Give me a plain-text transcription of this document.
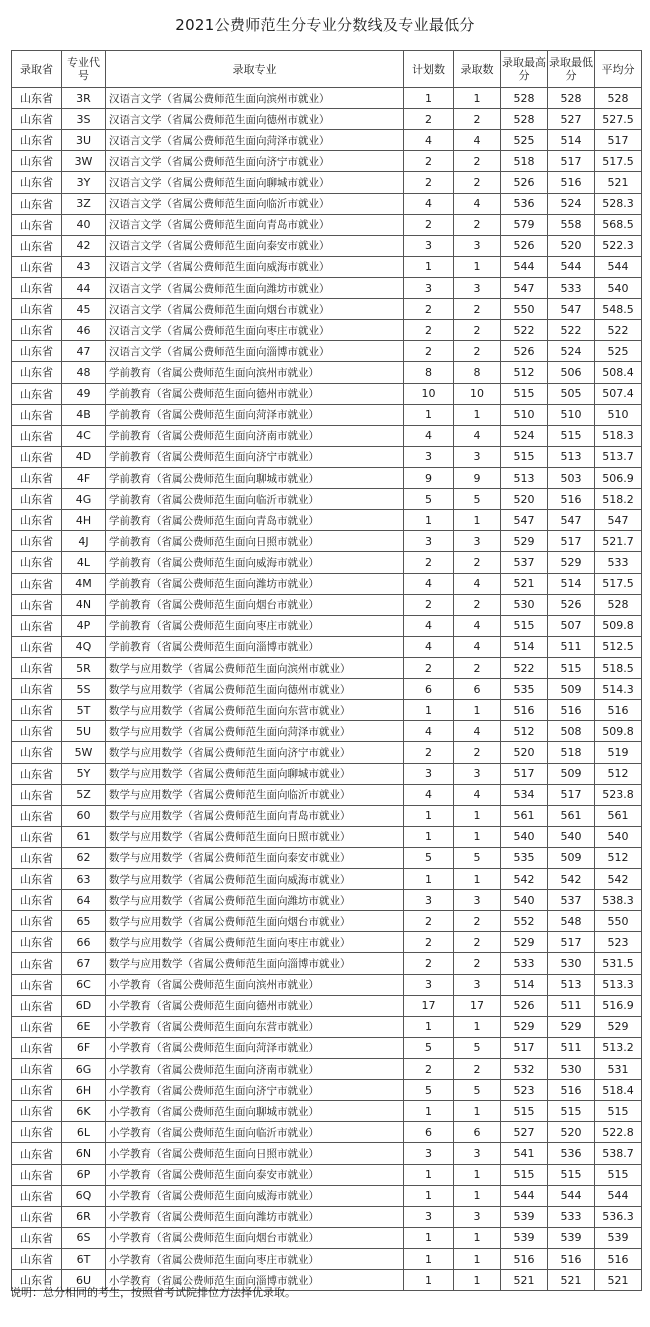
2021公费师范生分专业分数线及专业最低分
录取省	专业代号	录取专业	计划数	录取数	录取最高分	录取最低分	平均分
山东省	3R	汉语言文学（省属公费师范生面向滨州市就业）	1	1	528	528	528
山东省	3S	汉语言文学（省属公费师范生面向德州市就业）	2	2	528	527	527.5
山东省	3U	汉语言文学（省属公费师范生面向菏泽市就业）	4	4	525	514	517
山东省	3W	汉语言文学（省属公费师范生面向济宁市就业）	2	2	518	517	517.5
山东省	3Y	汉语言文学（省属公费师范生面向聊城市就业）	2	2	526	516	521
山东省	3Z	汉语言文学（省属公费师范生面向临沂市就业）	4	4	536	524	528.3
山东省	40	汉语言文学（省属公费师范生面向青岛市就业）	2	2	579	558	568.5
山东省	42	汉语言文学（省属公费师范生面向泰安市就业）	3	3	526	520	522.3
山东省	43	汉语言文学（省属公费师范生面向威海市就业）	1	1	544	544	544
山东省	44	汉语言文学（省属公费师范生面向潍坊市就业）	3	3	547	533	540
山东省	45	汉语言文学（省属公费师范生面向烟台市就业）	2	2	550	547	548.5
山东省	46	汉语言文学（省属公费师范生面向枣庄市就业）	2	2	522	522	522
山东省	47	汉语言文学（省属公费师范生面向淄博市就业）	2	2	526	524	525
山东省	48	学前教育（省属公费师范生面向滨州市就业）	8	8	512	506	508.4
山东省	49	学前教育（省属公费师范生面向德州市就业）	10	10	515	505	507.4
山东省	4B	学前教育（省属公费师范生面向菏泽市就业）	1	1	510	510	510
山东省	4C	学前教育（省属公费师范生面向济南市就业）	4	4	524	515	518.3
山东省	4D	学前教育（省属公费师范生面向济宁市就业）	3	3	515	513	513.7
山东省	4F	学前教育（省属公费师范生面向聊城市就业）	9	9	513	503	506.9
山东省	4G	学前教育（省属公费师范生面向临沂市就业）	5	5	520	516	518.2
山东省	4H	学前教育（省属公费师范生面向青岛市就业）	1	1	547	547	547
山东省	4J	学前教育（省属公费师范生面向日照市就业）	3	3	529	517	521.7
山东省	4L	学前教育（省属公费师范生面向威海市就业）	2	2	537	529	533
山东省	4M	学前教育（省属公费师范生面向潍坊市就业）	4	4	521	514	517.5
山东省	4N	学前教育（省属公费师范生面向烟台市就业）	2	2	530	526	528
山东省	4P	学前教育（省属公费师范生面向枣庄市就业）	4	4	515	507	509.8
山东省	4Q	学前教育（省属公费师范生面向淄博市就业）	4	4	514	511	512.5
山东省	5R	数学与应用数学（省属公费师范生面向滨州市就业）	2	2	522	515	518.5
山东省	5S	数学与应用数学（省属公费师范生面向德州市就业）	6	6	535	509	514.3
山东省	5T	数学与应用数学（省属公费师范生面向东营市就业）	1	1	516	516	516
山东省	5U	数学与应用数学（省属公费师范生面向菏泽市就业）	4	4	512	508	509.8
山东省	5W	数学与应用数学（省属公费师范生面向济宁市就业）	2	2	520	518	519
山东省	5Y	数学与应用数学（省属公费师范生面向聊城市就业）	3	3	517	509	512
山东省	5Z	数学与应用数学（省属公费师范生面向临沂市就业）	4	4	534	517	523.8
山东省	60	数学与应用数学（省属公费师范生面向青岛市就业）	1	1	561	561	561
山东省	61	数学与应用数学（省属公费师范生面向日照市就业）	1	1	540	540	540
山东省	62	数学与应用数学（省属公费师范生面向泰安市就业）	5	5	535	509	512
山东省	63	数学与应用数学（省属公费师范生面向威海市就业）	1	1	542	542	542
山东省	64	数学与应用数学（省属公费师范生面向潍坊市就业）	3	3	540	537	538.3
山东省	65	数学与应用数学（省属公费师范生面向烟台市就业）	2	2	552	548	550
山东省	66	数学与应用数学（省属公费师范生面向枣庄市就业）	2	2	529	517	523
山东省	67	数学与应用数学（省属公费师范生面向淄博市就业）	2	2	533	530	531.5
山东省	6C	小学教育（省属公费师范生面向滨州市就业）	3	3	514	513	513.3
山东省	6D	小学教育（省属公费师范生面向德州市就业）	17	17	526	511	516.9
山东省	6E	小学教育（省属公费师范生面向东营市就业）	1	1	529	529	529
山东省	6F	小学教育（省属公费师范生面向菏泽市就业）	5	5	517	511	513.2
山东省	6G	小学教育（省属公费师范生面向济南市就业）	2	2	532	530	531
山东省	6H	小学教育（省属公费师范生面向济宁市就业）	5	5	523	516	518.4
山东省	6K	小学教育（省属公费师范生面向聊城市就业）	1	1	515	515	515
山东省	6L	小学教育（省属公费师范生面向临沂市就业）	6	6	527	520	522.8
山东省	6N	小学教育（省属公费师范生面向日照市就业）	3	3	541	536	538.7
山东省	6P	小学教育（省属公费师范生面向泰安市就业）	1	1	515	515	515
山东省	6Q	小学教育（省属公费师范生面向威海市就业）	1	1	544	544	544
山东省	6R	小学教育（省属公费师范生面向潍坊市就业）	3	3	539	533	536.3
山东省	6S	小学教育（省属公费师范生面向烟台市就业）	1	1	539	539	539
山东省	6T	小学教育（省属公费师范生面向枣庄市就业）	1	1	516	516	516
山东省	6U	小学教育（省属公费师范生面向淄博市就业）	1	1	521	521	521
说明：总分相同的考生，按照省考试院排位方法择优录取。
